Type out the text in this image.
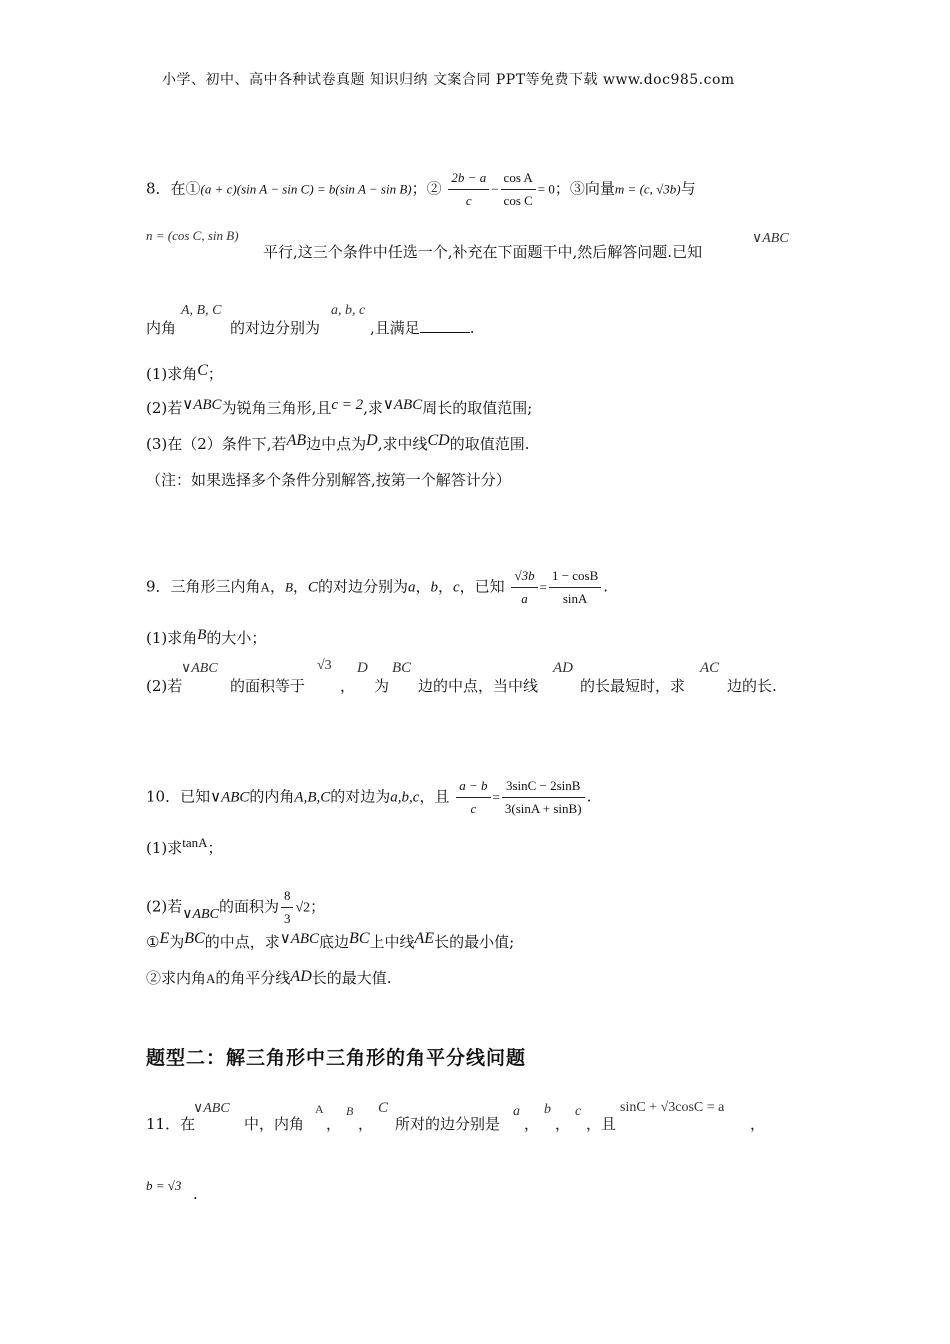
小学、初中、高中各种试卷真题 知识归纳 文案合同 PPT等免费下载 www.doc985.com
8．在①(a + c)(sin A − sin C) = b(sin A − sin B)；② $\frac{2b - a}{c} - \frac{\text{cos A}}{\text{cos C}} = 0$；③向量m = (c, √3b)与
n = (cos C, sin B)
平行,这三个条件中任选一个,补充在下面题干中,然后解答问题.已知
∨ABC
内角
A, B, C
的对边分别为
a, b, c
,且满足	.
(1)求角C；
(2)若∨ABC为锐角三角形,且c = 2,求∨ABC周长的取值范围;
(3)在（2）条件下,若AB边中点为D,求中线CD的取值范围.
（注：如果选择多个条件分别解答,按第一个解答计分）
9．三角形三内角A，B，C的对边分别为a，b，c，已知 $\frac{√3b}{a} = \frac{1 - \cos B}{\sin A}$ .
(1)求角B的大小；
(2)若
∨ABC
的面积等于
√3
，
D
为
BC
边的中点，当中线
AD
的长最短时，求
AC
边的长.
10．已知∨ABC的内角A,B,C的对边为a,b,c，且 $\frac{a - b}{c} = \frac{3\sin C - 2\sin B}{3(\sin A + \sin B)}$ .
(1)求tanA；
(2)若∨ABC的面积为 $\frac{8}{3} √2$；
①E为BC的中点，求∨ABC底边BC上中线AE长的最小值;
②求内角A的角平分线AD长的最大值.
题型二：解三角形中三角形的角平分线问题
11．在
∨ABC
中，内角
A
，
B
，
C
所对的边分别是
a
，
b
，
c
，且
sinC + √3cosC = a
，
b = √3 .
